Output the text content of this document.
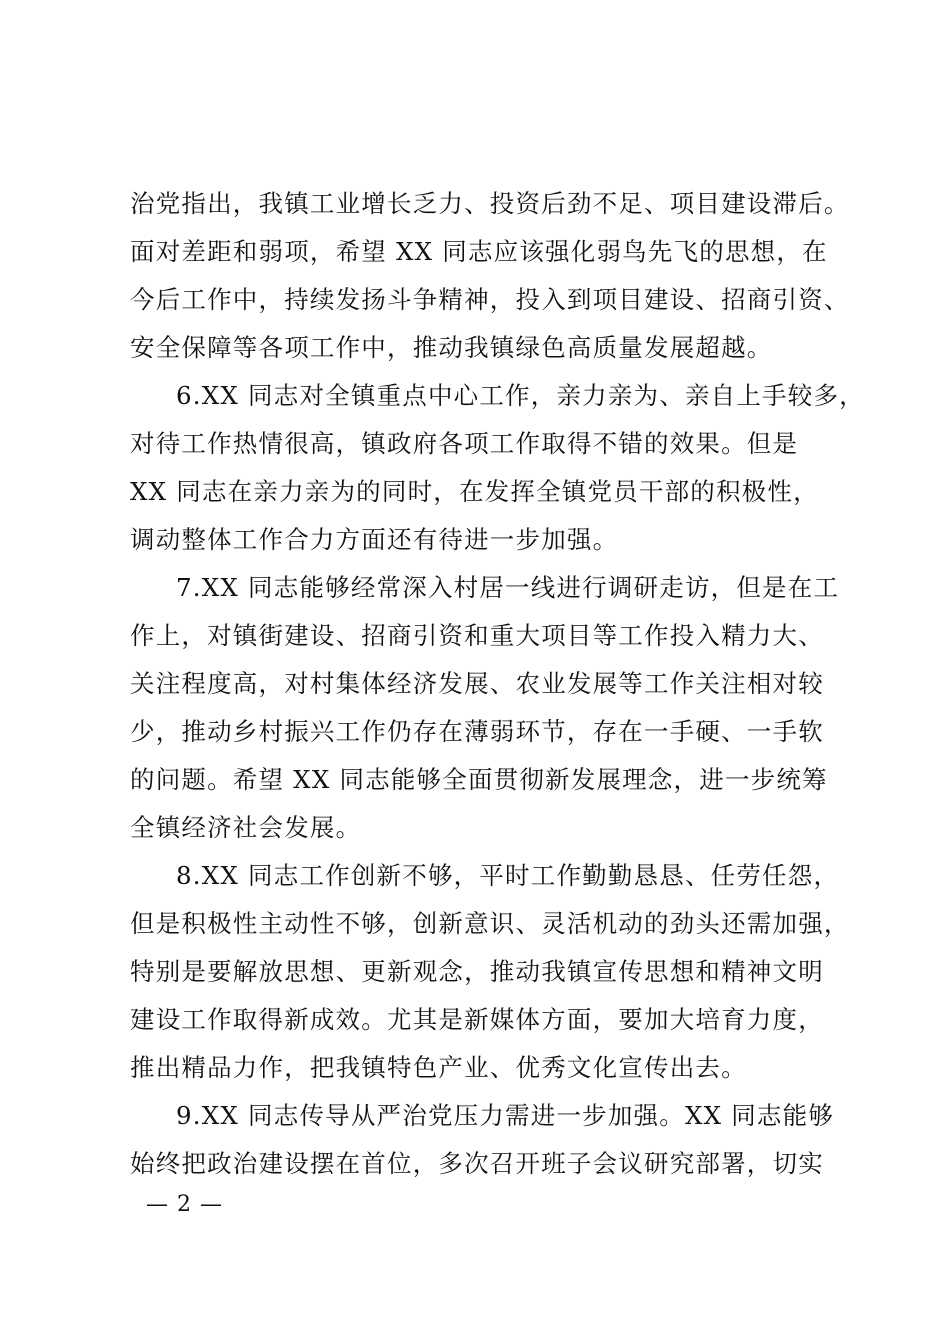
治党指出，我镇工业增长乏力、投资后劲不足、项目建设滞后。
面对差距和弱项，希望 XX 同志应该强化弱鸟先飞的思想，在
今后工作中，持续发扬斗争精神，投入到项目建设、招商引资、
安全保障等各项工作中，推动我镇绿色高质量发展超越。
6.XX 同志对全镇重点中心工作，亲力亲为、亲自上手较多，
对待工作热情很高，镇政府各项工作取得不错的效果。但是
XX 同志在亲力亲为的同时，在发挥全镇党员干部的积极性，
调动整体工作合力方面还有待进一步加强。
7.XX 同志能够经常深入村居一线进行调研走访，但是在工
作上，对镇街建设、招商引资和重大项目等工作投入精力大、
关注程度高，对村集体经济发展、农业发展等工作关注相对较
少，推动乡村振兴工作仍存在薄弱环节，存在一手硬、一手软
的问题。希望 XX 同志能够全面贯彻新发展理念，进一步统筹
全镇经济社会发展。
8.XX 同志工作创新不够，平时工作勤勤恳恳、任劳任怨，
但是积极性主动性不够，创新意识、灵活机动的劲头还需加强，
特别是要解放思想、更新观念，推动我镇宣传思想和精神文明
建设工作取得新成效。尤其是新媒体方面，要加大培育力度，
推出精品力作，把我镇特色产业、优秀文化宣传出去。
9.XX 同志传导从严治党压力需进一步加强。XX 同志能够
始终把政治建设摆在首位，多次召开班子会议研究部署，切实
— 2 —
